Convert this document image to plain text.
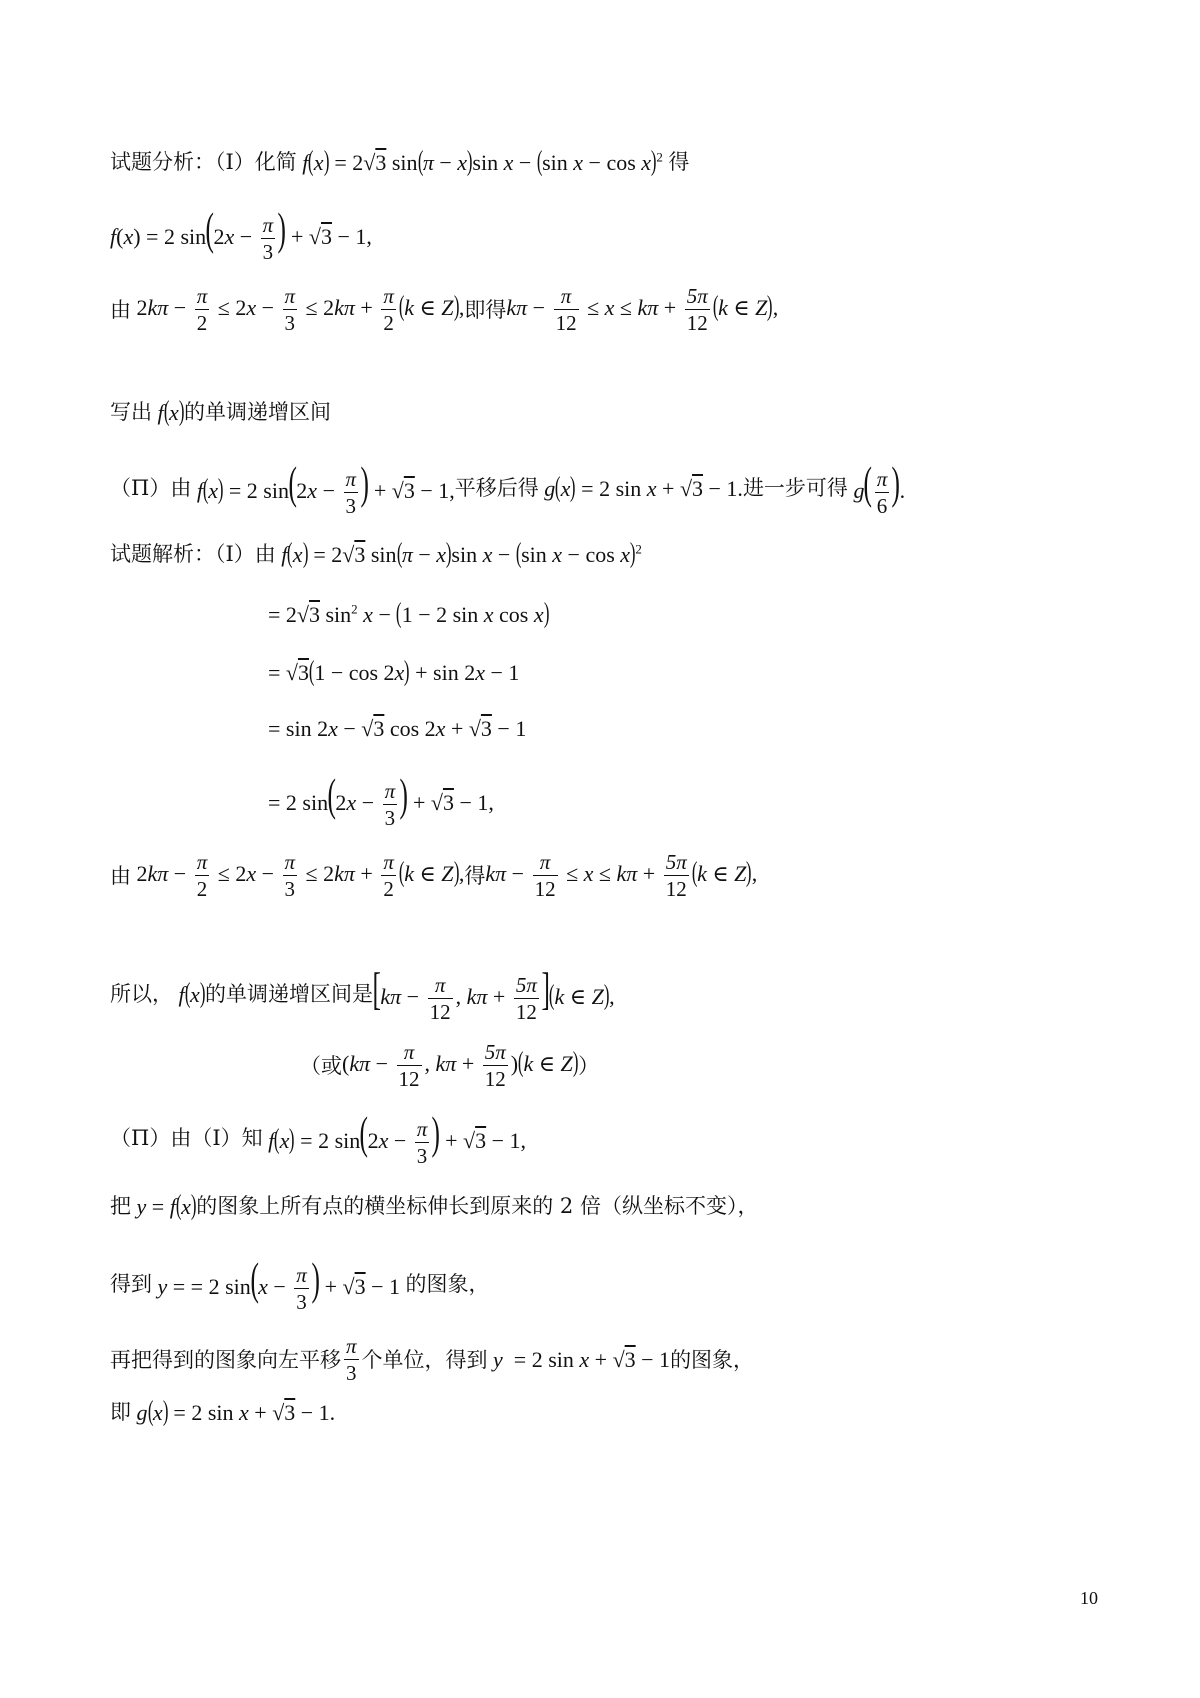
试题分析：（Ⅰ）化简 f(x) = 2√3 sin(π − x)sin x − (sin x − cos x)$^2$ 得
f(x) = 2 $\sin(2x - \frac{\pi}{3}$ ) + √3 − 1,
由 $2k\pi - \frac{\pi}{2} \le 2x - \frac{\pi}{3} \le 2k\pi + \frac{\pi}{2} (k$ ∈ Z), 即得 $k\pi - \frac{\pi}{12} \le x \le k\pi + \frac{5\pi}{12} (k$ ∈ Z),
写出 f(x) 的单调递增区间
（Π）由 f(x) = 2 $\sin(2x - \frac{\pi}{3}$ ) + √3 − 1, 平移后得 g(x) = 2 sin x + √3 − 1. 进一步可得 $g( \frac{\pi}{6}$ ).
试题解析：（Ⅰ）由 f(x) = 2√3 sin(π − x)sin x − (sin x − cos x)$^2$
= 2√3 $\sin^2 x - (1 - 2$ sin x cos x)
= √3(1 − cos 2x) + sin 2x − 1
= sin 2x − √3 cos 2x + √3 − 1
= 2 $\sin(2x - \frac{\pi}{3}$ ) + √3 − 1,
由 $2k\pi - \frac{\pi}{2} \le 2x - \frac{\pi}{3} \le 2k\pi + \frac{\pi}{2} (k$ ∈ Z), 得 $k\pi - \frac{\pi}{12} \le x \le k\pi + \frac{5\pi}{12} (k$ ∈ Z),
所以， f(x) 的单调递增区间是 [$k\pi - \frac{\pi}{12}$ , $k\pi + \frac{5\pi}{12} ](k$ ∈ Z),
（或 ($k\pi - \frac{\pi}{12}$ , $k\pi + \frac{5\pi}{12} )(k$ ∈ Z) ）
（Π）由（Ⅰ）知 f(x) = 2 $\sin(2x - \frac{\pi}{3}$ ) + √3 − 1,
把 y = f(x) 的图象上所有点的横坐标伸长到原来的 2 倍（纵坐标不变），
得到 y = = 2 $\sin(x - \frac{\pi}{3}$ ) + √3 − 1 的图象，
再把得到的图象向左平移 $\frac{\pi}{3}$ 个单位，得到 y  = 2 sin x + √3 − 1 的图象，
即 g(x) = 2 sin x + √3 − 1.
10
